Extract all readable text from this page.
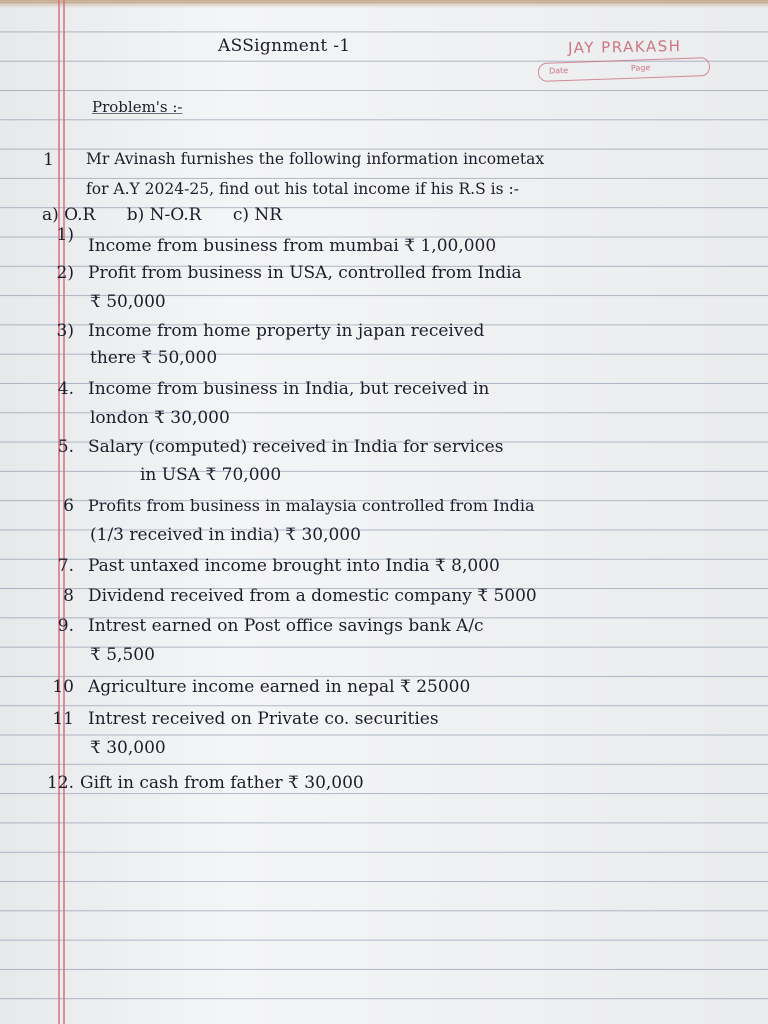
ASSignment -1	JAY PRAKASH
Date	Page
Problem's :-
1 Mr Avinash furnishes the following information incometax
for A.Y 2024-25, find out his total income if his R.S is :-
a) O.R b) N-O.R c) NR
1)
Income from business from mumbai ₹ 1,00,000
2) Profit from business in USA, controlled from India
₹ 50,000
3) Income from home property in japan received
there ₹ 50,000
4. Income from business in India, but received in
london ₹ 30,000
5. Salary (computed) received in India for services
in USA ₹ 70,000
6 Profits from business in malaysia controlled from India
(1/3 received in india) ₹ 30,000
7. Past untaxed income brought into India ₹ 8,000
8 Dividend received from a domestic company ₹ 5000
9. Intrest earned on Post office savings bank A/c
₹ 5,500
10 Agriculture income earned in nepal ₹ 25000
11 Intrest received on Private co. securities
₹ 30,000
12. Gift in cash from father ₹ 30,000
